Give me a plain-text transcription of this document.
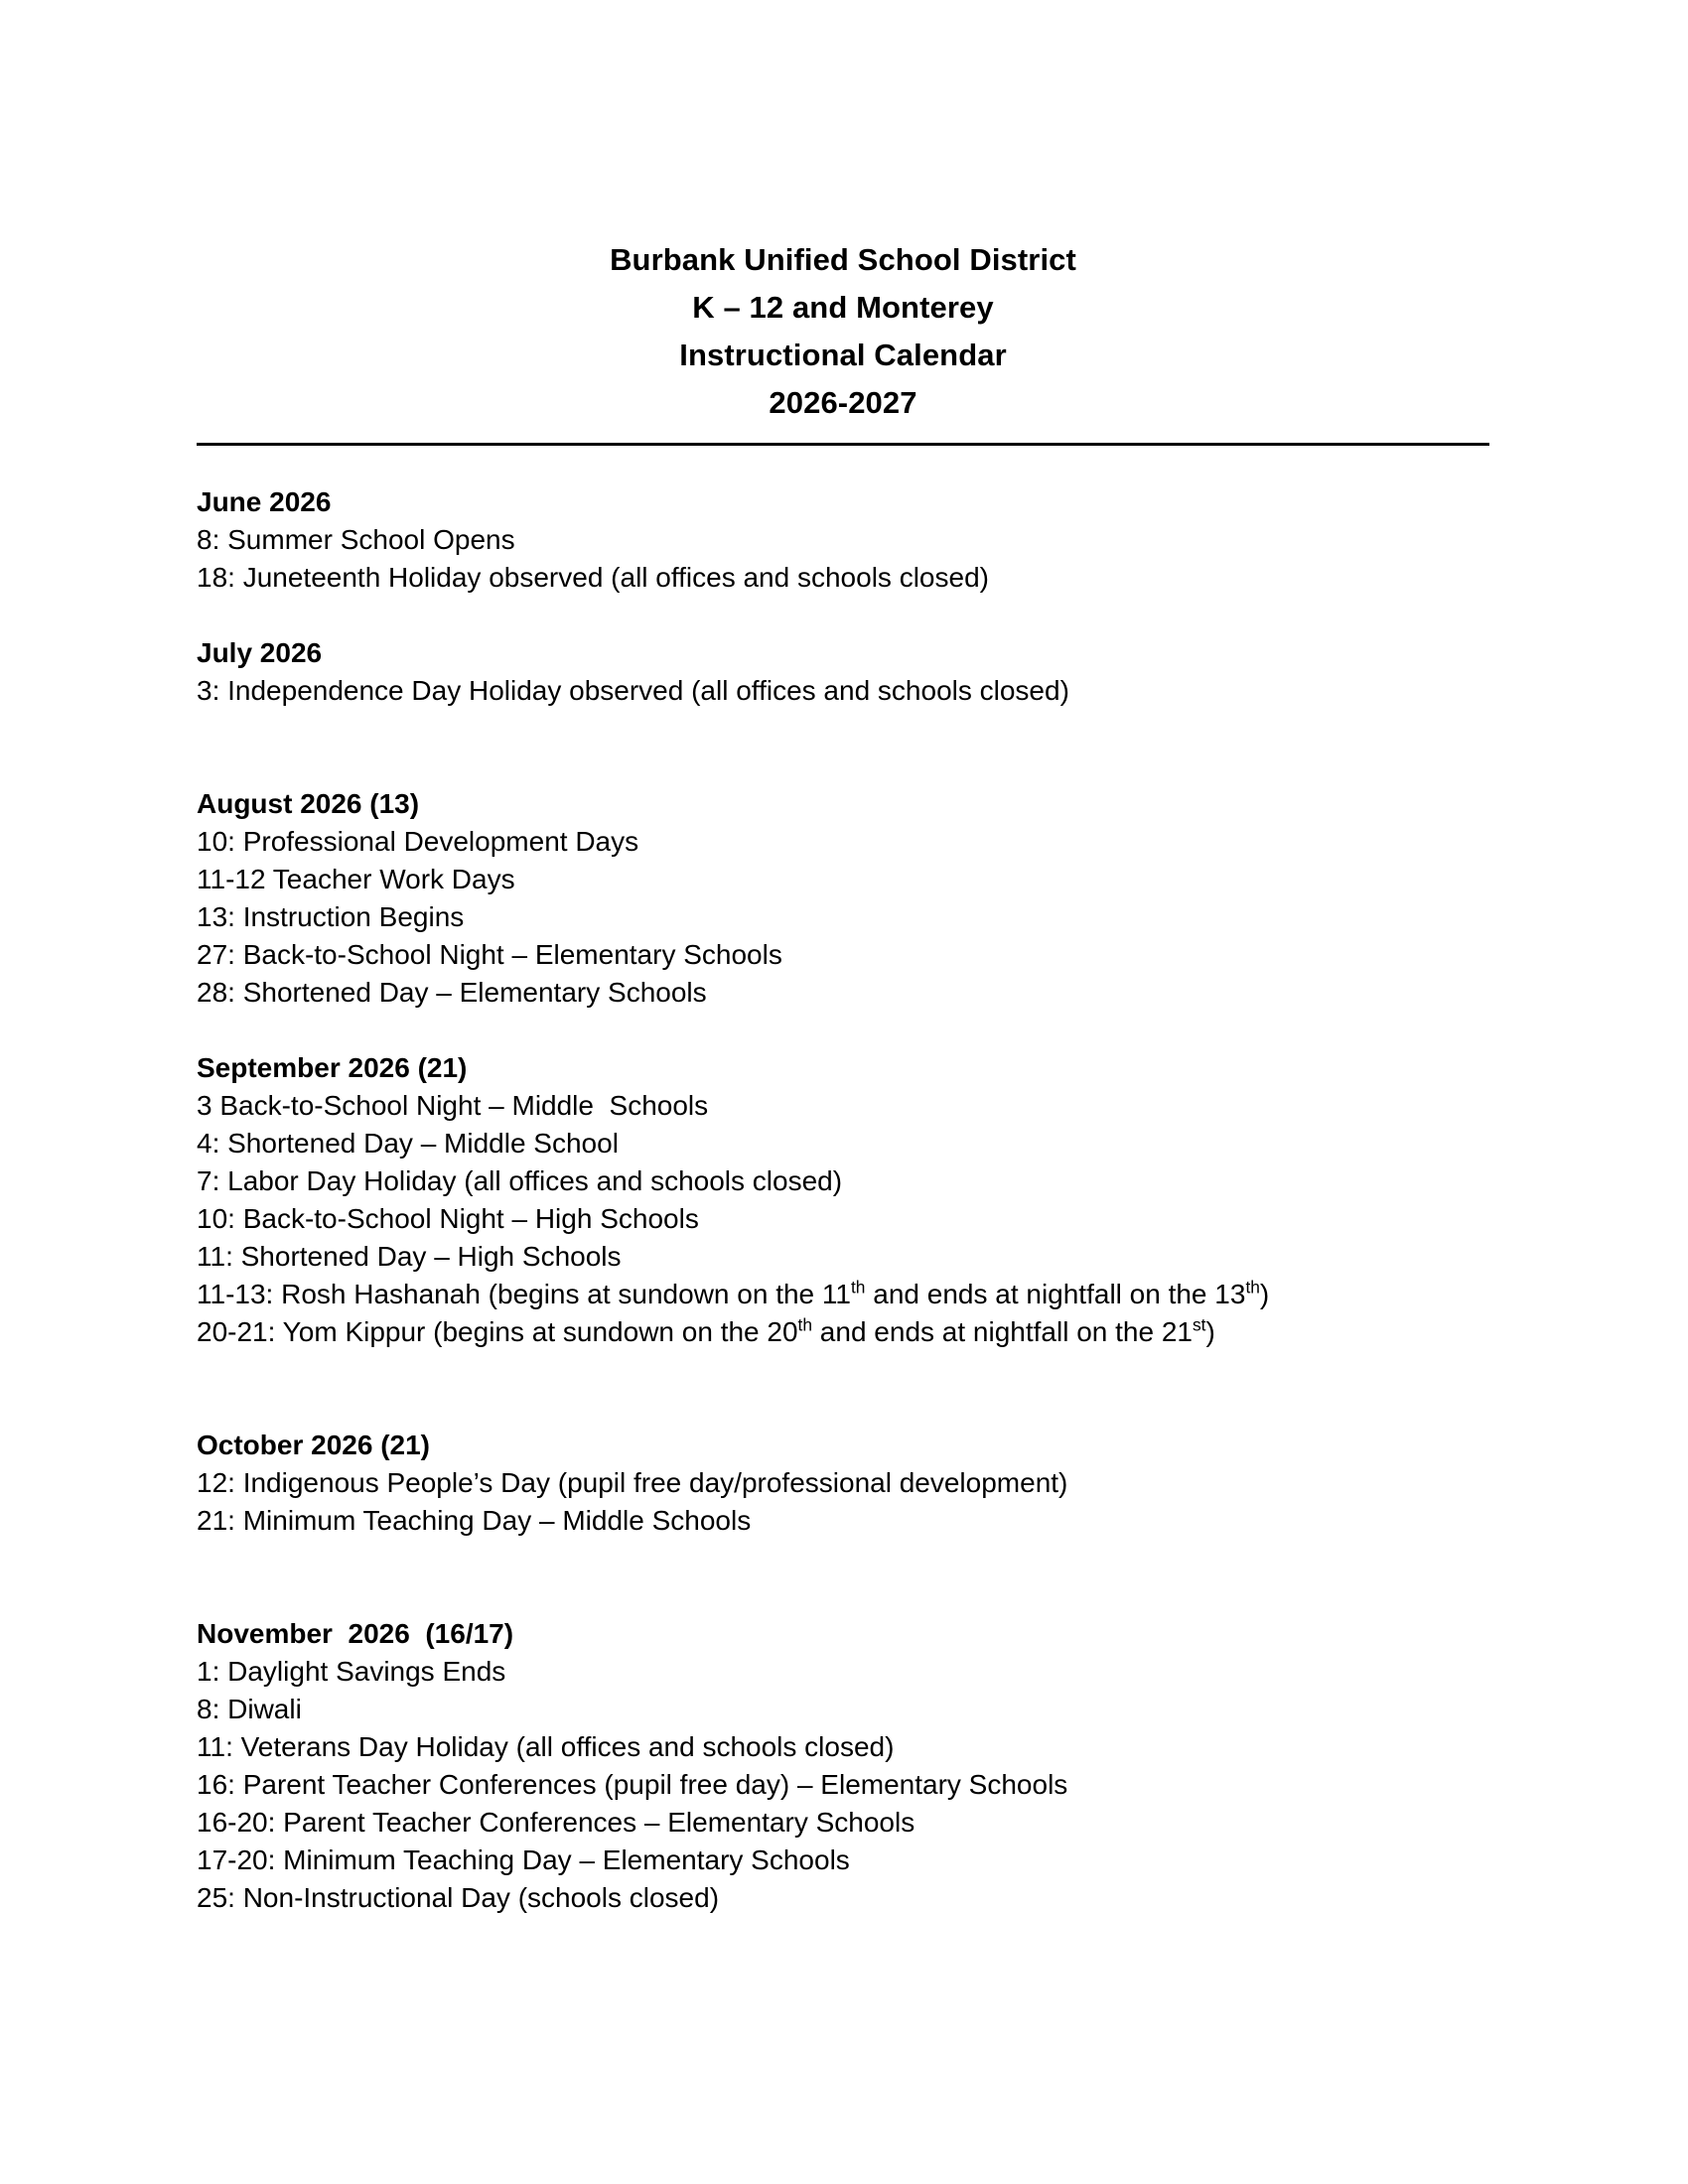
Burbank Unified School District
K – 12 and Monterey
Instructional Calendar
2026-2027
June 2026
8: Summer School Opens
18: Juneteenth Holiday observed (all offices and schools closed)
July 2026
3: Independence Day Holiday observed (all offices and schools closed)
August 2026 (13)
10: Professional Development Days
11-12 Teacher Work Days
13: Instruction Begins
27: Back-to-School Night – Elementary Schools
28: Shortened Day – Elementary Schools
September 2026 (21)
3 Back-to-School Night – Middle  Schools
4: Shortened Day – Middle School
7: Labor Day Holiday (all offices and schools closed)
10: Back-to-School Night – High Schools
11: Shortened Day – High Schools
11-13: Rosh Hashanah (begins at sundown on the 11th and ends at nightfall on the 13th)
20-21: Yom Kippur (begins at sundown on the 20th and ends at nightfall on the 21st)
October 2026 (21)
12: Indigenous People’s Day (pupil free day/professional development)
21: Minimum Teaching Day – Middle Schools
November  2026  (16/17)
1: Daylight Savings Ends
8: Diwali
11: Veterans Day Holiday (all offices and schools closed)
16: Parent Teacher Conferences (pupil free day) – Elementary Schools
16-20: Parent Teacher Conferences – Elementary Schools
17-20: Minimum Teaching Day – Elementary Schools
25: Non-Instructional Day (schools closed)
